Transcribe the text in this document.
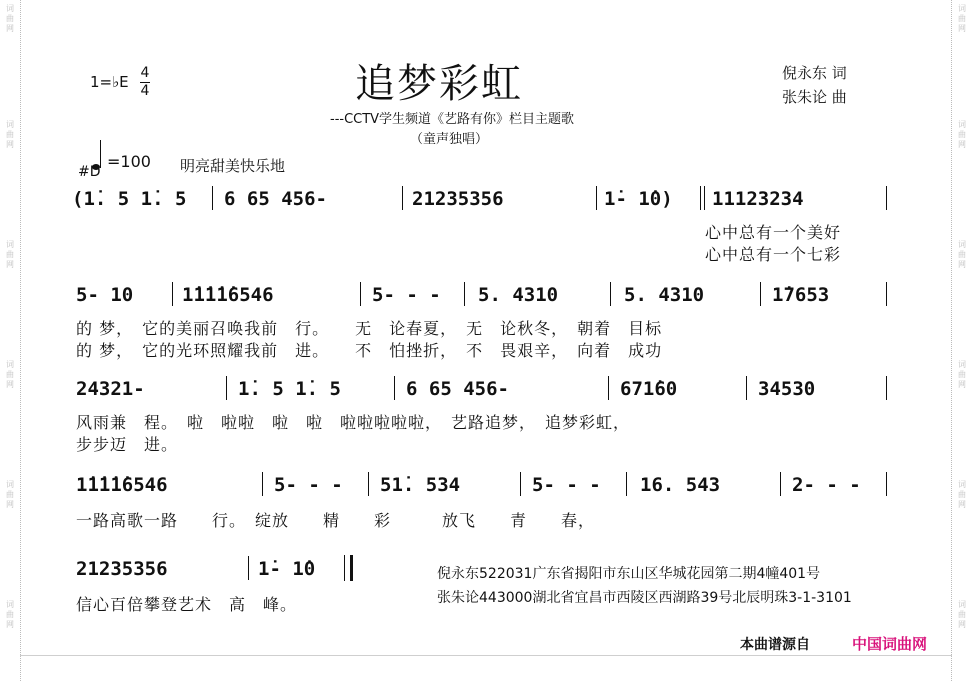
词曲网
词曲网
词曲网
词曲网
词曲网
词曲网
词曲网
词曲网
词曲网
词曲网
词曲网
词曲网
追梦彩虹
---CCTV学生频道《艺路有你》栏目主题歌
（童声独唱）
倪永东 词
张朱论 曲
1=♭E 4
4
=100
#D	明亮甜美快乐地
(1̇. 5 1̇. 5 6 65 456-	21235356	1̇- 1̇0) 11123234
心中总有一个美好
心中总有一个七彩
5- 10	1̇1̇1̇1̇6546	5- - - 5. 4310	5. 4310	1̇7653
的 梦，　它的美丽召唤我前　行。　　无　论春夏，　无　论秋冬，　朝着　目标
的 梦，　它的光环照耀我前　进。　　不　怕挫折，　不　畏艰辛，　向着　成功
24321-	1̇. 5 1̇. 5	6 65 456-	671̇60	34530
风雨兼　程。　啦　啦啦　啦　啦　啦啦啦啦啦，　艺路追梦，　追梦彩虹，
步步迈　进。
1̇1̇1̇1̇6546	5- - - 51̇. 534	5- - - 16. 543	2- - -
一路高歌一路　　行。　绽放　　精　　彩　　　放飞　　青　　春，
21235356	1̇- 1̇0
信心百倍攀登艺术　高　峰。
倪永东522031广东省揭阳市东山区华城花园第二期4幢401号
张朱论443000湖北省宜昌市西陵区西湖路39号北辰明珠3-1-3101
本曲谱源自	中国词曲网
